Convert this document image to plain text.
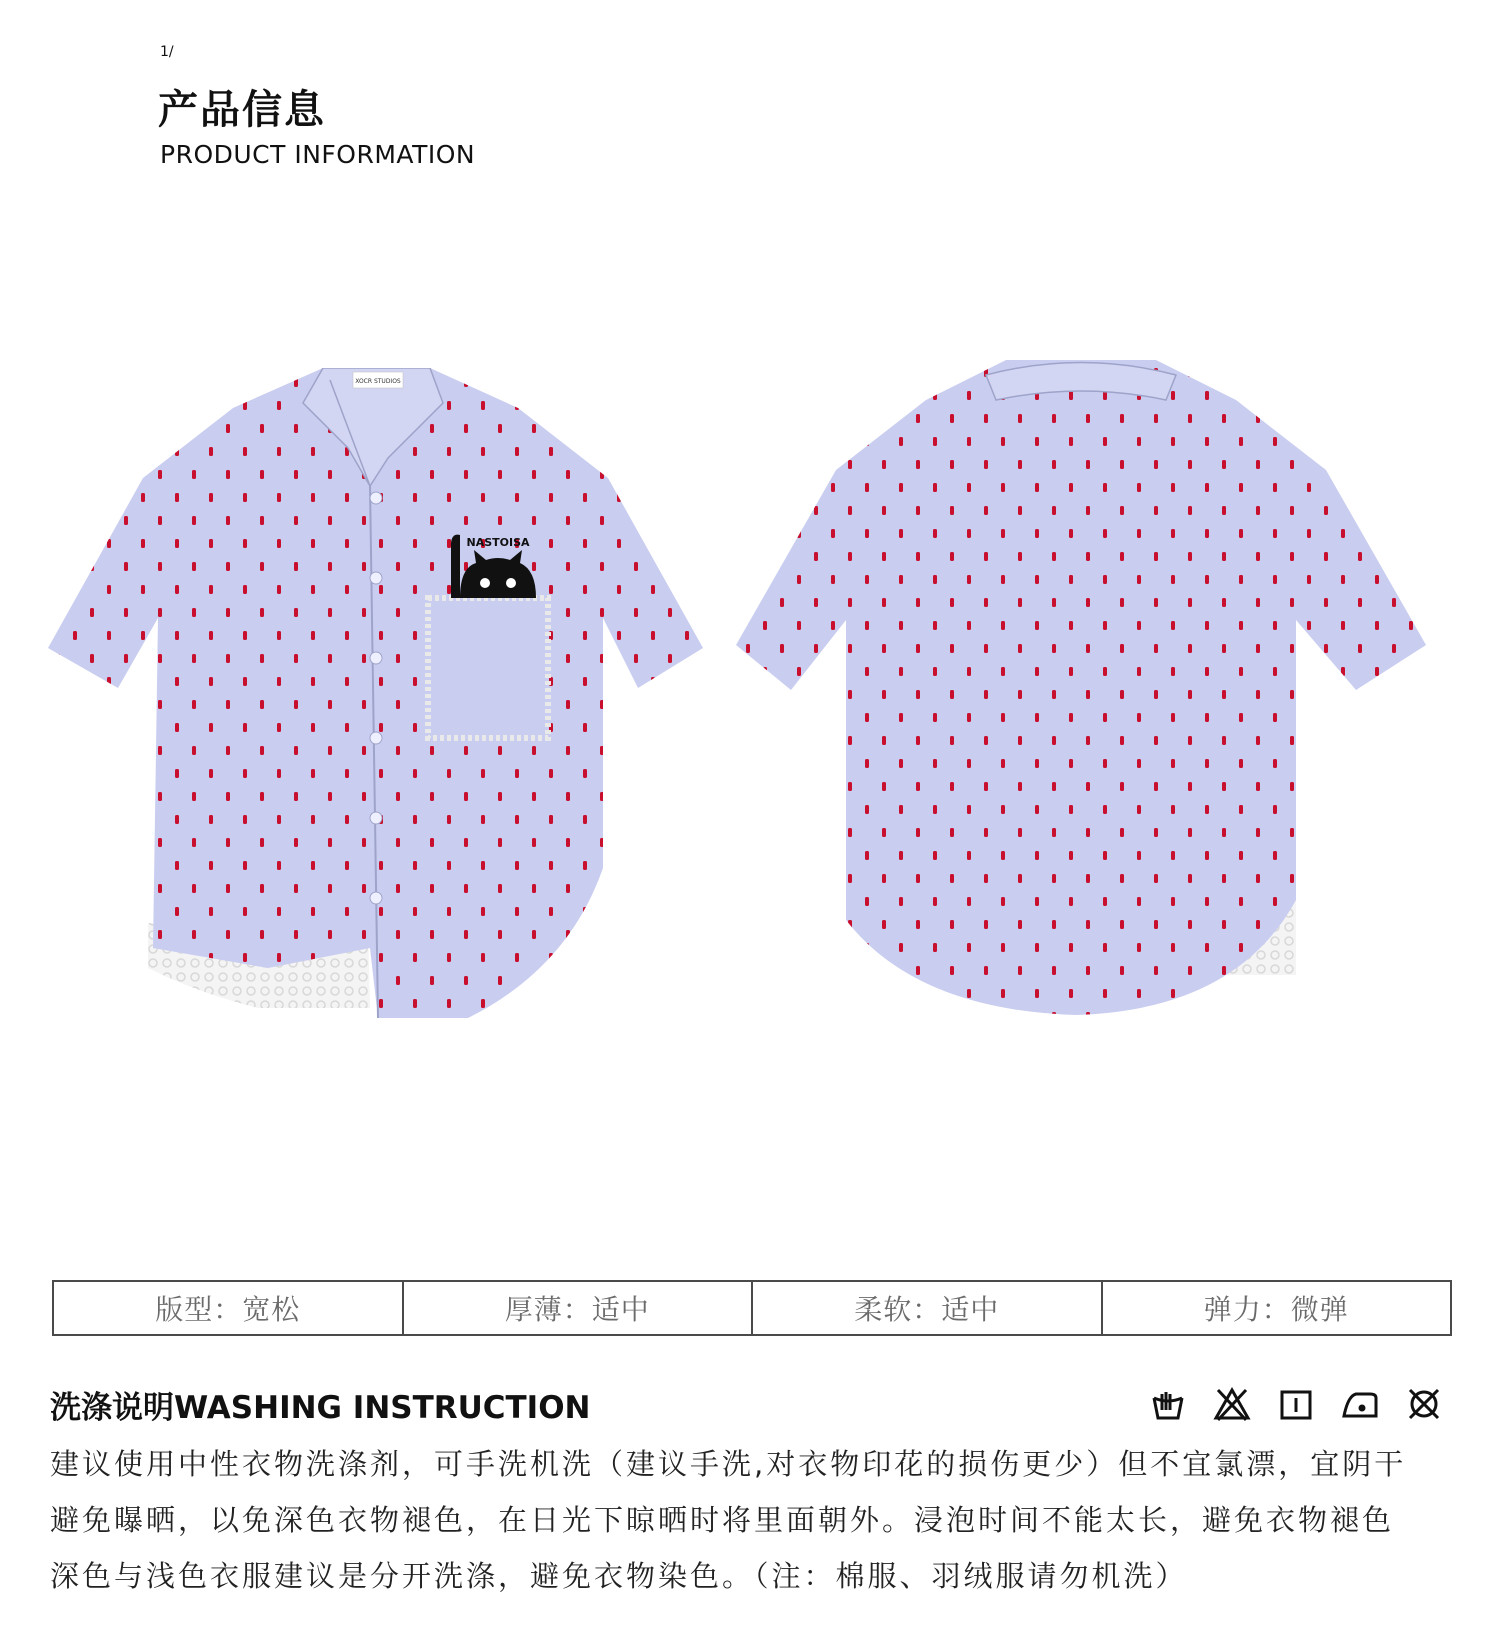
1/
产品信息
PRODUCT INFORMATION
XOCR STUDIOS
NASTOISA
版型：宽松	厚薄：适中	柔软：适中	弹力：微弹
洗涤说明WASHING INSTRUCTION
建议使用中性衣物洗涤剂，可手洗机洗（建议手洗,对衣物印花的损伤更少）但不宜氯漂，宜阴干
避免曝晒，以免深色衣物褪色，在日光下晾晒时将里面朝外。浸泡时间不能太长，避免衣物褪色
深色与浅色衣服建议是分开洗涤，避免衣物染色。（注：棉服、羽绒服请勿机洗）
